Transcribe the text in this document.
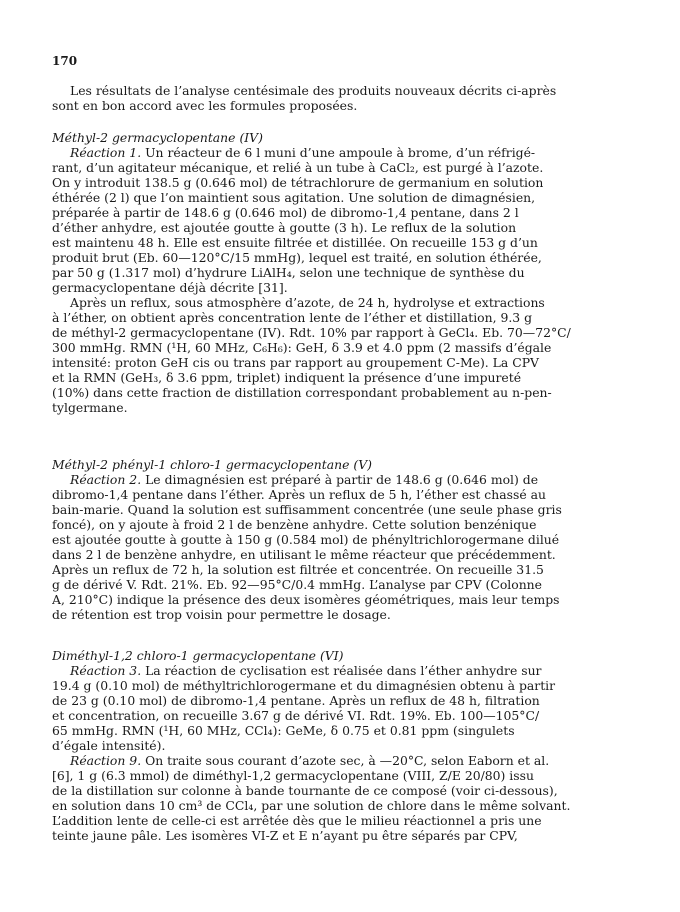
170
Les résultats de l’analyse centésimale des produits nouveaux décrits ci-après
sont en bon accord avec les formules proposées.
Méthyl-2 germacyclopentane (IV)
Réaction 1. Un réacteur de 6 l muni d’une ampoule à brome, d’un réfrigé-
rant, d’un agitateur mécanique, et relié à un tube à CaCl₂, est purgé à l’azote.
On y introduit 138.5 g (0.646 mol) de tétrachlorure de germanium en solution
éthérée (2 l) que l’on maintient sous agitation. Une solution de dimagnésien,
préparée à partir de 148.6 g (0.646 mol) de dibromo-1,4 pentane, dans 2 l
d’éther anhydre, est ajoutée goutte à goutte (3 h). Le reflux de la solution
est maintenu 48 h. Elle est ensuite filtrée et distillée. On recueille 153 g d’un
produit brut (Eb. 60—120°C/15 mmHg), lequel est traité, en solution éthérée,
par 50 g (1.317 mol) d’hydrure LiAlH₄, selon une technique de synthèse du
germacyclopentane déjà décrite [31].
Après un reflux, sous atmosphère d’azote, de 24 h, hydrolyse et extractions
à l’éther, on obtient après concentration lente de l’éther et distillation, 9.3 g
de méthyl-2 germacyclopentane (IV). Rdt. 10% par rapport à GeCl₄. Eb. 70—72°C/
300 mmHg. RMN (¹H, 60 MHz, C₆H₆): GeH, δ 3.9 et 4.0 ppm (2 massifs d’égale
intensité: proton GeH cis ou trans par rapport au groupement C-Me). La CPV
et la RMN (GeH₃, δ 3.6 ppm, triplet) indiquent la présence d’une impureté
(10%) dans cette fraction de distillation correspondant probablement au n-pen-
tylgermane.
Méthyl-2 phényl-1 chloro-1 germacyclopentane (V)
Réaction 2. Le dimagnésien est préparé à partir de 148.6 g (0.646 mol) de
dibromo-1,4 pentane dans l’éther. Après un reflux de 5 h, l’éther est chassé au
bain-marie. Quand la solution est suffisamment concentrée (une seule phase gris
foncé), on y ajoute à froid 2 l de benzène anhydre. Cette solution benzénique
est ajoutée goutte à goutte à 150 g (0.584 mol) de phényltrichlorogermane dilué
dans 2 l de benzène anhydre, en utilisant le même réacteur que précédemment.
Après un reflux de 72 h, la solution est filtrée et concentrée. On recueille 31.5
g de dérivé V. Rdt. 21%. Eb. 92—95°C/0.4 mmHg. L’analyse par CPV (Colonne
A, 210°C) indique la présence des deux isomères géométriques, mais leur temps
de rétention est trop voisin pour permettre le dosage.
Diméthyl-1,2 chloro-1 germacyclopentane (VI)
Réaction 3. La réaction de cyclisation est réalisée dans l’éther anhydre sur
19.4 g (0.10 mol) de méthyltrichlorogermane et du dimagnésien obtenu à partir
de 23 g (0.10 mol) de dibromo-1,4 pentane. Après un reflux de 48 h, filtration
et concentration, on recueille 3.67 g de dérivé VI. Rdt. 19%. Eb. 100—105°C/
65 mmHg. RMN (¹H, 60 MHz, CCl₄): GeMe, δ 0.75 et 0.81 ppm (singulets
d’égale intensité).
Réaction 9. On traite sous courant d’azote sec, à —20°C, selon Eaborn et al.
[6], 1 g (6.3 mmol) de diméthyl-1,2 germacyclopentane (VIII, Z/E 20/80) issu
de la distillation sur colonne à bande tournante de ce composé (voir ci-dessous),
en solution dans 10 cm³ de CCl₄, par une solution de chlore dans le même solvant.
L’addition lente de celle-ci est arrêtée dès que le milieu réactionnel a pris une
teinte jaune pâle. Les isomères VI-Z et E n’ayant pu être séparés par CPV,
